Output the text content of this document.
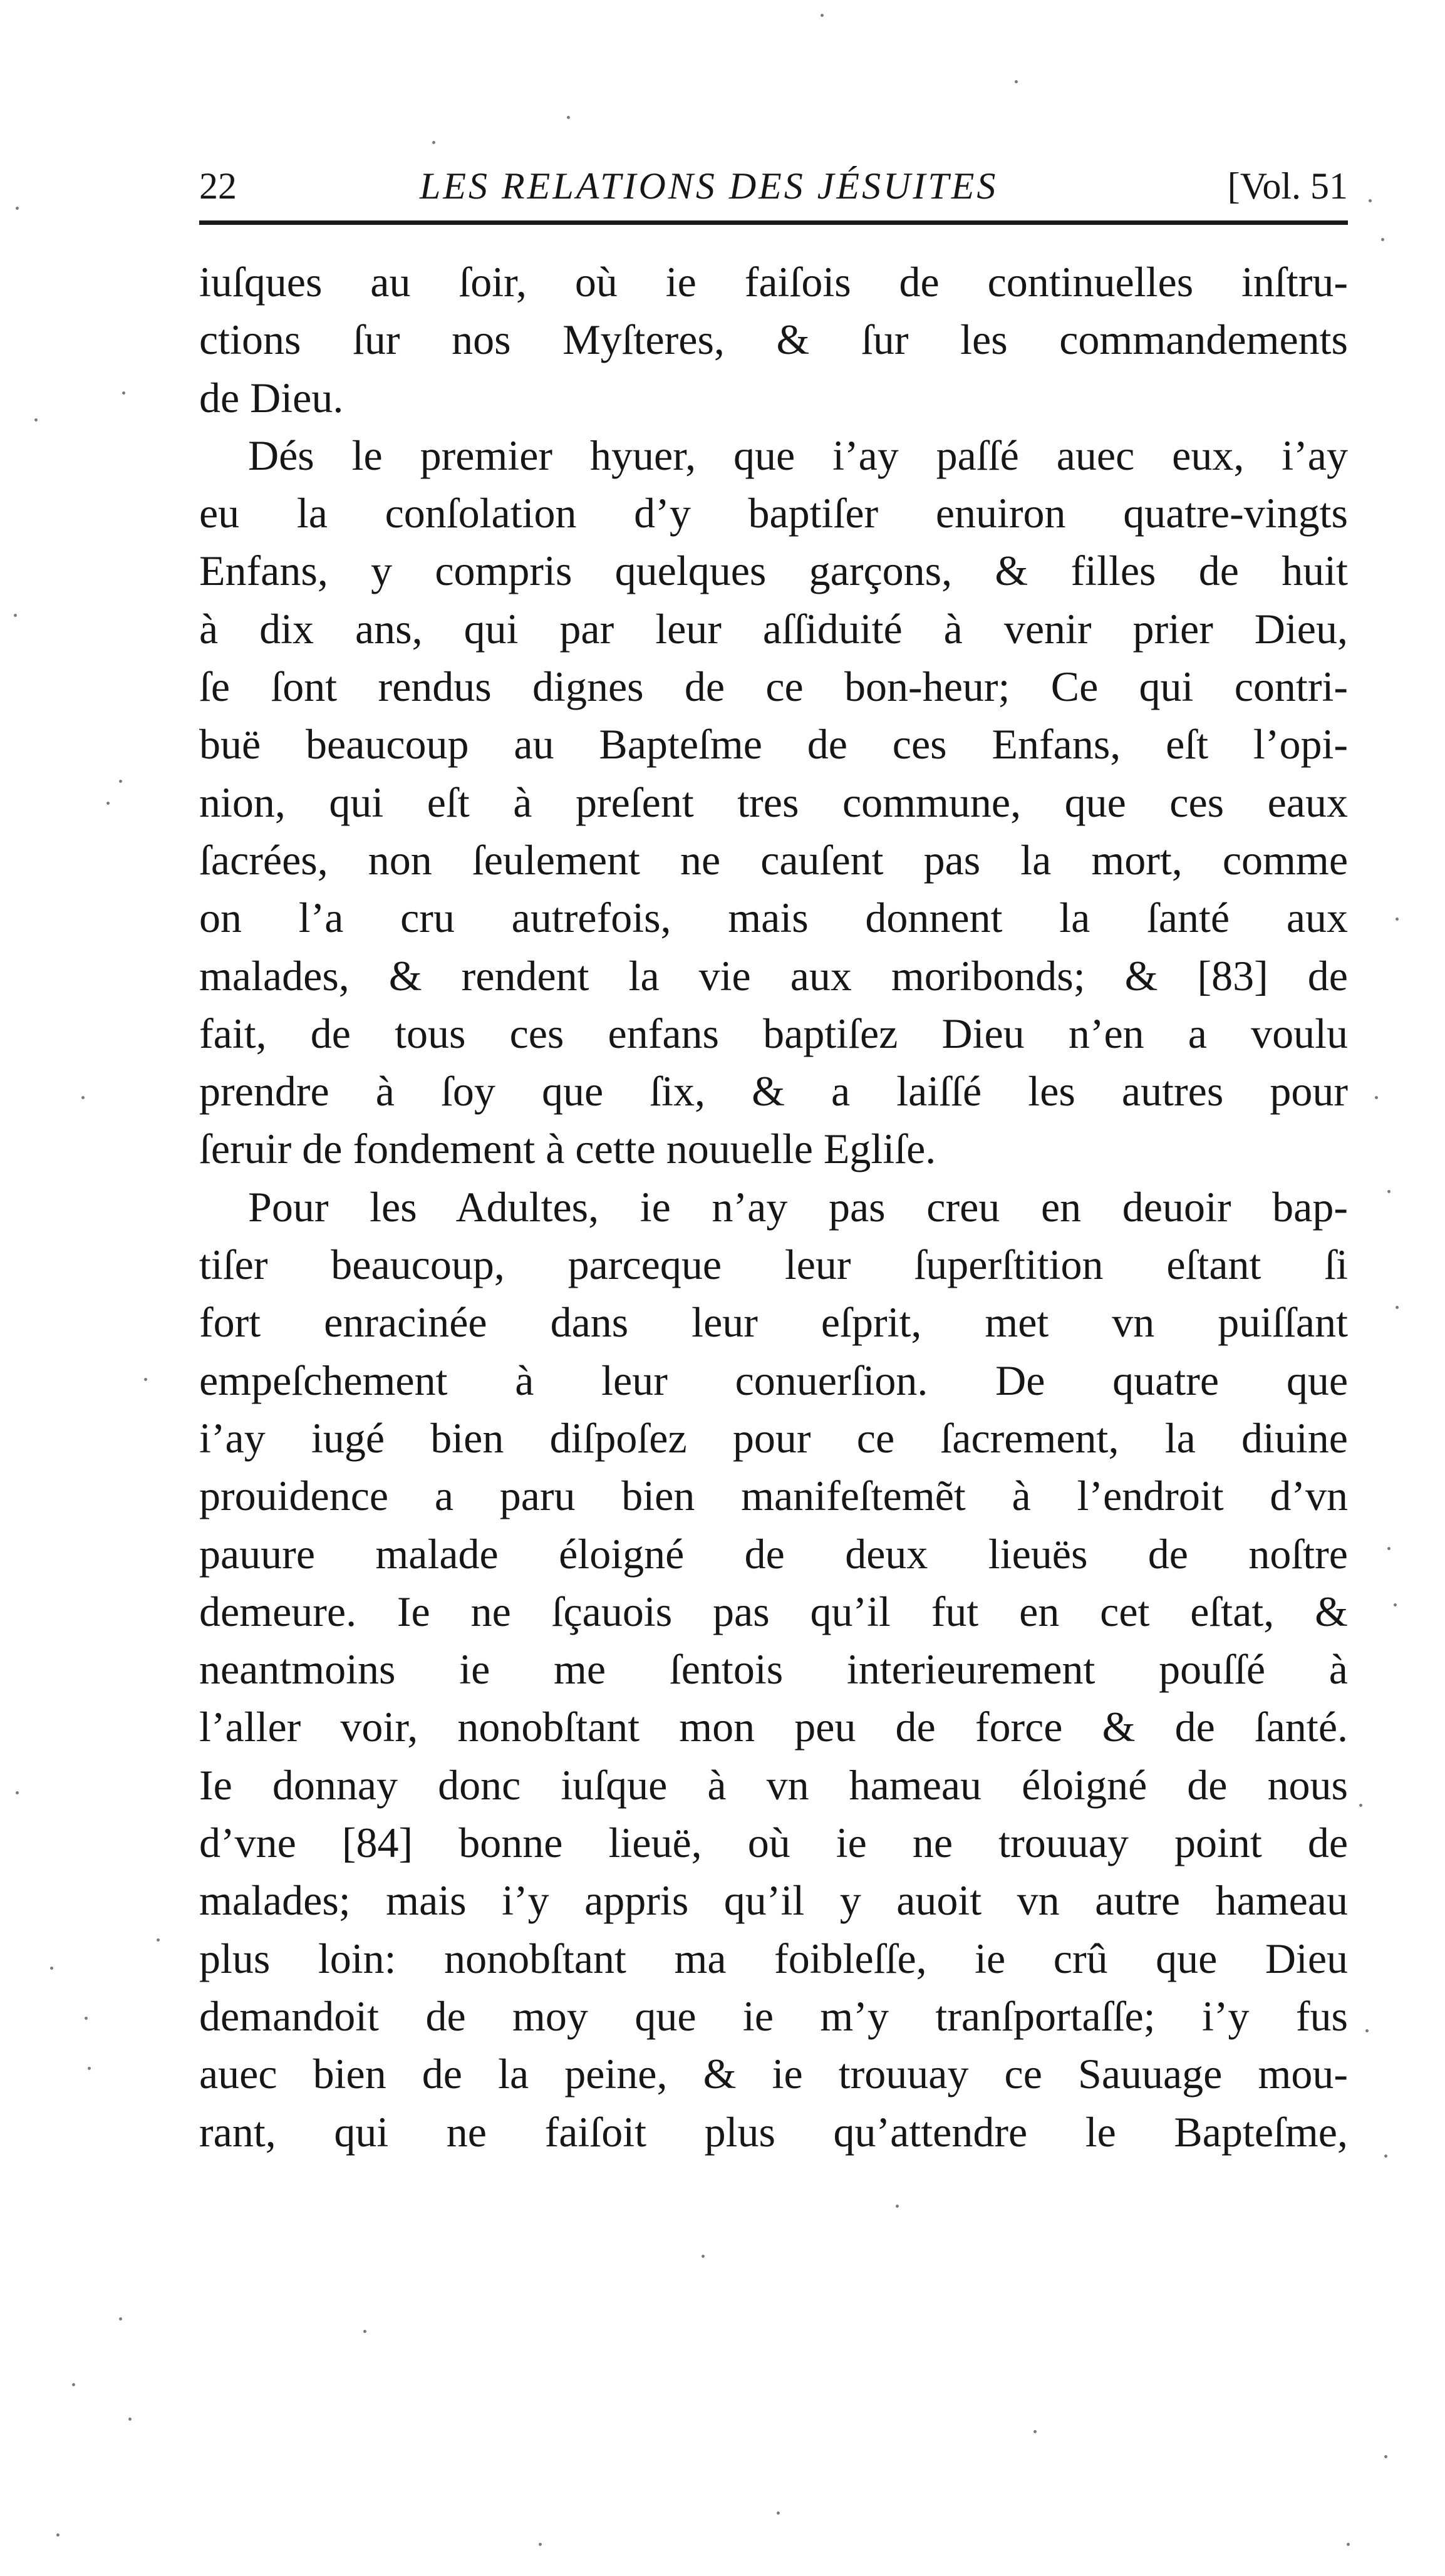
22	LES RELATIONS DES JÉSUITES	[Vol. 51
iuſques au ſoir, où ie faiſois de continuelles inſtru-
ctions ſur nos Myſteres, & ſur les commandements
de Dieu.
Dés le premier hyuer, que i’ay paſſé auec eux, i’ay
eu la conſolation d’y baptiſer enuiron quatre-vingts
Enfans, y compris quelques garçons, & filles de huit
à dix ans, qui par leur aſſiduité à venir prier Dieu,
ſe ſont rendus dignes de ce bon-heur; Ce qui contri-
buë beaucoup au Bapteſme de ces Enfans, eſt l’opi-
nion, qui eſt à preſent tres commune, que ces eaux
ſacrées, non ſeulement ne cauſent pas la mort, comme
on l’a cru autrefois, mais donnent la ſanté aux
malades, & rendent la vie aux moribonds; & [83] de
fait, de tous ces enfans baptiſez Dieu n’en a voulu
prendre à ſoy que ſix, & a laiſſé les autres pour
ſeruir de fondement à cette nouuelle Egliſe.
Pour les Adultes, ie n’ay pas creu en deuoir bap-
tiſer beaucoup, parceque leur ſuperſtition eſtant ſi
fort enracinée dans leur eſprit, met vn puiſſant
empeſchement à leur conuerſion. De quatre que
i’ay iugé bien diſpoſez pour ce ſacrement, la diuine
prouidence a paru bien manifeſtemẽt à l’endroit d’vn
pauure malade éloigné de deux lieuës de noſtre
demeure. Ie ne ſçauois pas qu’il fut en cet eſtat, &
neantmoins ie me ſentois interieurement pouſſé à
l’aller voir, nonobſtant mon peu de force & de ſanté.
Ie donnay donc iuſque à vn hameau éloigné de nous
d’vne [84] bonne lieuë, où ie ne trouuay point de
malades; mais i’y appris qu’il y auoit vn autre hameau
plus loin: nonobſtant ma foibleſſe, ie crû que Dieu
demandoit de moy que ie m’y tranſportaſſe; i’y fus
auec bien de la peine, & ie trouuay ce Sauuage mou-
rant, qui ne faiſoit plus qu’attendre le Bapteſme,
